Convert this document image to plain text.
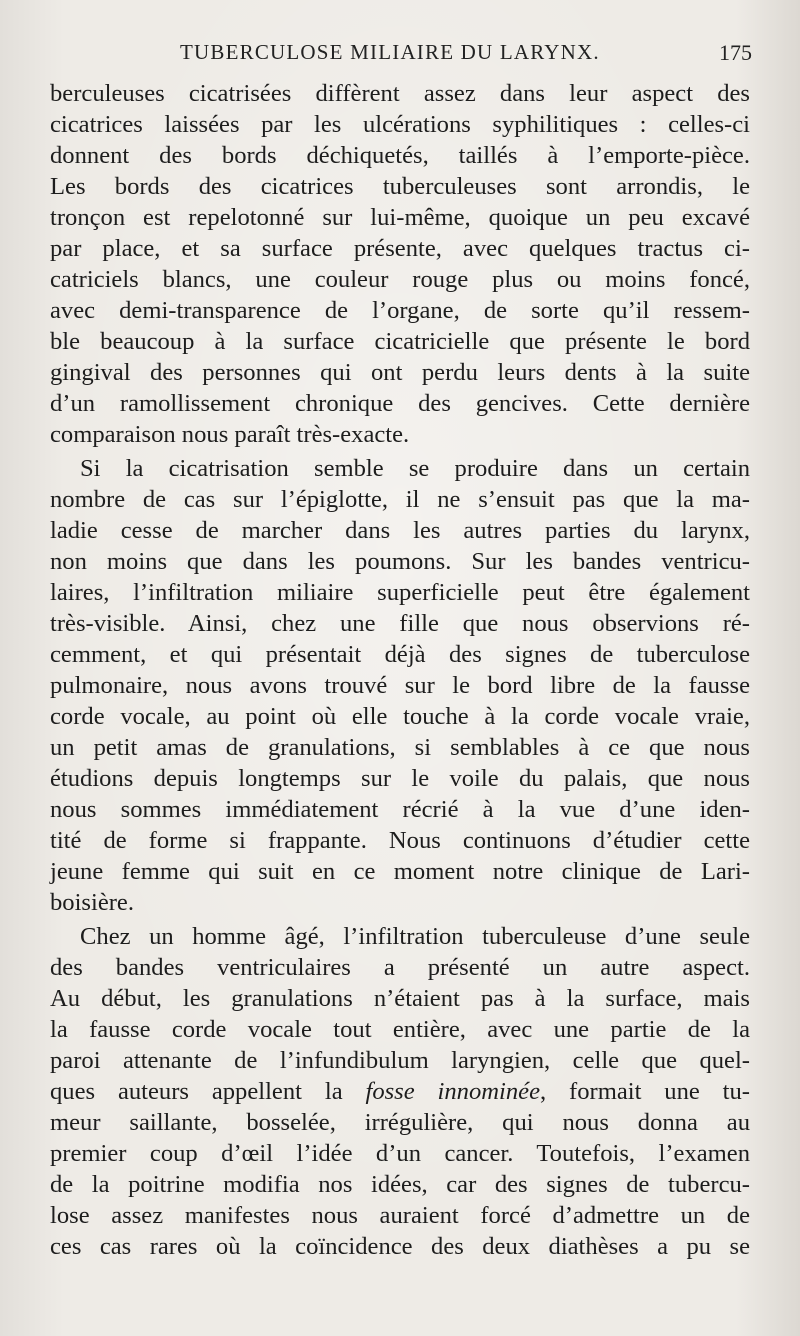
TUBERCULOSE MILIAIRE DU LARYNX.	175
berculeuses cicatrisées diffèrent assez dans leur aspect des
cicatrices laissées par les ulcérations syphilitiques : celles-ci
donnent des bords déchiquetés, taillés à l’emporte-pièce.
Les bords des cicatrices tuberculeuses sont arrondis, le
tronçon est repelotonné sur lui-même, quoique un peu excavé
par place, et sa surface présente, avec quelques tractus ci-
catriciels blancs, une couleur rouge plus ou moins foncé,
avec demi-transparence de l’organe, de sorte qu’il ressem-
ble beaucoup à la surface cicatricielle que présente le bord
gingival des personnes qui ont perdu leurs dents à la suite
d’un ramollissement chronique des gencives. Cette dernière
comparaison nous paraît très-exacte.
Si la cicatrisation semble se produire dans un certain
nombre de cas sur l’épiglotte, il ne s’ensuit pas que la ma-
ladie cesse de marcher dans les autres parties du larynx,
non moins que dans les poumons. Sur les bandes ventricu-
laires, l’infiltration miliaire superficielle peut être également
très-visible. Ainsi, chez une fille que nous observions ré-
cemment, et qui présentait déjà des signes de tuberculose
pulmonaire, nous avons trouvé sur le bord libre de la fausse
corde vocale, au point où elle touche à la corde vocale vraie,
un petit amas de granulations, si semblables à ce que nous
étudions depuis longtemps sur le voile du palais, que nous
nous sommes immédiatement récrié à la vue d’une iden-
tité de forme si frappante. Nous continuons d’étudier cette
jeune femme qui suit en ce moment notre clinique de Lari-
boisière.
Chez un homme âgé, l’infiltration tuberculeuse d’une seule
des bandes ventriculaires a présenté un autre aspect.
Au début, les granulations n’étaient pas à la surface, mais
la fausse corde vocale tout entière, avec une partie de la
paroi attenante de l’infundibulum laryngien, celle que quel-
ques auteurs appellent la fosse innominée, formait une tu-
meur saillante, bosselée, irrégulière, qui nous donna au
premier coup d’œil l’idée d’un cancer. Toutefois, l’examen
de la poitrine modifia nos idées, car des signes de tubercu-
lose assez manifestes nous auraient forcé d’admettre un de
ces cas rares où la coïncidence des deux diathèses a pu se
